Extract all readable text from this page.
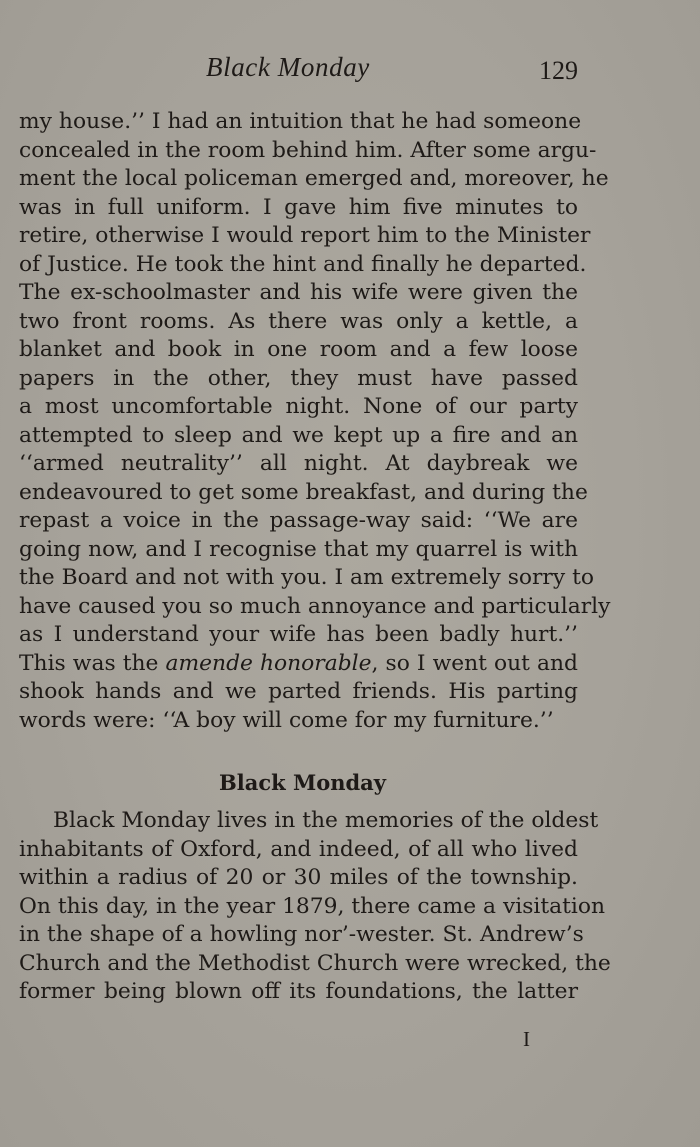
Black Monday	129
my house.’’ I had an intuition that he had someone
concealed in the room behind him. After some argu-
ment the local policeman emerged and, moreover, he
was in full uniform. I gave him five minutes to
retire, otherwise I would report him to the Minister
of Justice. He took the hint and finally he departed.
The ex-schoolmaster and his wife were given the
two front rooms. As there was only a kettle, a
blanket and book in one room and a few loose
papers in the other, they must have passed
a most uncomfortable night. None of our party
attempted to sleep and we kept up a fire and an
‘‘armed neutrality’’ all night. At daybreak we
endeavoured to get some breakfast, and during the
repast a voice in the passage-way said: ‘‘We are
going now, and I recognise that my quarrel is with
the Board and not with you. I am extremely sorry to
have caused you so much annoyance and particularly
as I understand your wife has been badly hurt.’’
This was the amende honorable, so I went out and
shook hands and we parted friends. His parting
words were: ‘‘A boy will come for my furniture.’’
Black Monday
Black Monday lives in the memories of the oldest
inhabitants of Oxford, and indeed, of all who lived
within a radius of 20 or 30 miles of the township.
On this day, in the year 1879, there came a visitation
in the shape of a howling nor’-wester. St. Andrew’s
Church and the Methodist Church were wrecked, the
former being blown off its foundations, the latter
I
